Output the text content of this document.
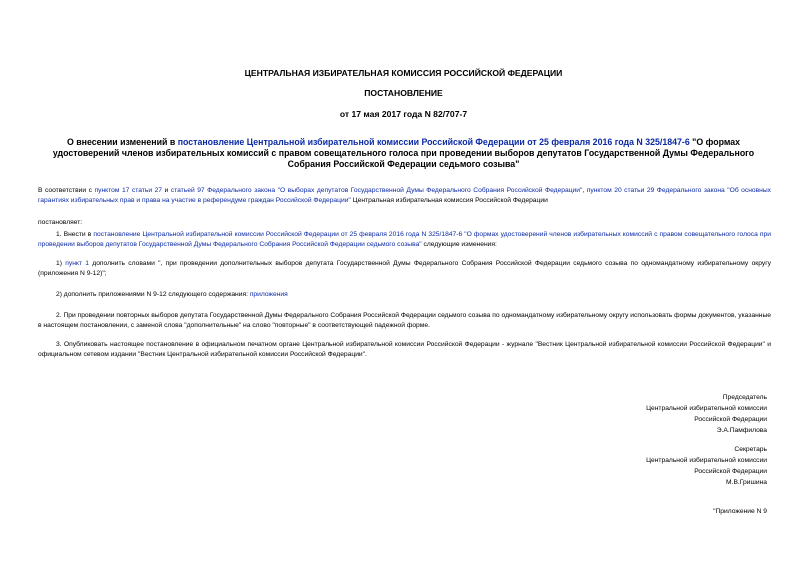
ЦЕНТРАЛЬНАЯ ИЗБИРАТЕЛЬНАЯ КОМИССИЯ РОССИЙСКОЙ ФЕДЕРАЦИИ
ПОСТАНОВЛЕНИЕ
от 17 мая 2017 года N 82/707-7
О внесении изменений в постановление Центральной избирательной комиссии Российской Федерации от 25 февраля 2016 года N 325/1847-6 "О формах удостоверений членов избирательных комиссий с правом совещательного голоса при проведении выборов депутатов Государственной Думы Федерального Собрания Российской Федерации седьмого созыва"
В соответствии с пунктом 17 статьи 27 и статьей 97 Федерального закона "О выборах депутатов Государственной Думы Федерального Собрания Российской Федерации", пунктом 20 статьи 29 Федерального закона "Об основных гарантиях избирательных прав и права на участие в референдуме граждан Российской Федерации" Центральная избирательная комиссия Российской Федерации
постановляет:
1. Внести в постановление Центральной избирательной комиссии Российской Федерации от 25 февраля 2016 года N 325/1847-6 "О формах удостоверений членов избирательных комиссий с правом совещательного голоса при проведении выборов депутатов Государственной Думы Федерального Собрания Российской Федерации седьмого созыва" следующие изменения:
1) пункт 1 дополнить словами ", при проведении дополнительных выборов депутата Государственной Думы Федерального Собрания Российской Федерации седьмого созыва по одномандатному избирательному округу (приложения N 9-12)";
2) дополнить приложениями N 9-12 следующего содержания: приложения
2. При проведении повторных выборов депутата Государственной Думы Федерального Собрания Российской Федерации седьмого созыва по одномандатному избирательному округу использовать формы документов, указанные в настоящем постановлении, с заменой слова "дополнительные" на слово "повторные" в соответствующей падежной форме.
3. Опубликовать настоящее постановление в официальном печатном органе Центральной избирательной комиссии Российской Федерации - журнале "Вестник Центральной избирательной комиссии Российской Федерации" и официальном сетевом издании "Вестник Центральной избирательной комиссии Российской Федерации".
Председатель
Центральной избирательной комиссии
Российской Федерации
Э.А.Памфилова
Секретарь
Центральной избирательной комиссии
Российской Федерации
М.В.Гришина
"Приложение N 9
